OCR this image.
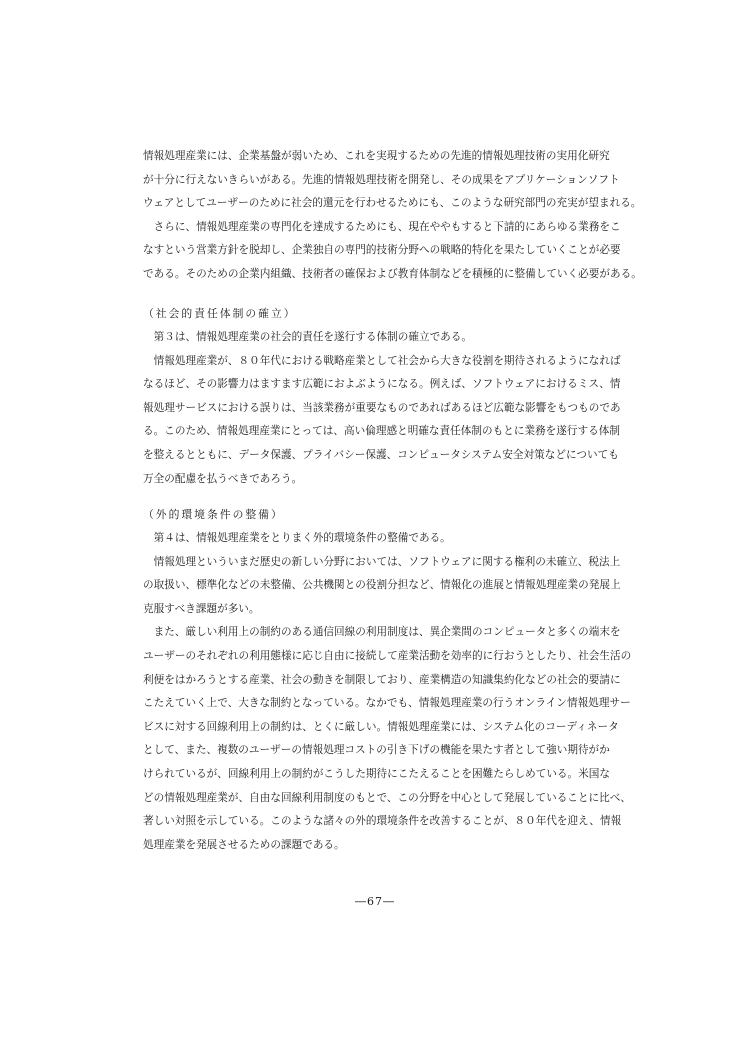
情報処理産業には、企業基盤が弱いため、これを実現するための先進的情報処理技術の実用化研究
が十分に行えないきらいがある。先進的情報処理技術を開発し、その成果をアプリケーションソフト
ウェアとしてユーザーのために社会的還元を行わせるためにも、このような研究部門の充実が望まれる。
　さらに、情報処理産業の専門化を達成するためにも、現在ややもすると下請的にあらゆる業務をこ
なすという営業方針を脱却し、企業独自の専門的技術分野への戦略的特化を果たしていくことが必要
である。そのための企業内組織、技術者の確保および教育体制などを積極的に整備していく必要がある。
（社会的責任体制の確立）
　第３は、情報処理産業の社会的責任を遂行する体制の確立である。
　情報処理産業が、８０年代における戦略産業として社会から大きな役割を期待されるようになれば
なるほど、その影響力はますます広範におよぶようになる。例えば、ソフトウェアにおけるミス、情
報処理サービスにおける誤りは、当該業務が重要なものであればあるほど広範な影響をもつものであ
る。このため、情報処理産業にとっては、高い倫理感と明確な責任体制のもとに業務を遂行する体制
を整えるとともに、データ保護、プライバシー保護、コンピュータシステム安全対策などについても
万全の配慮を払うべきであろう。
（外的環境条件の整備）
　第４は、情報処理産業をとりまく外的環境条件の整備である。
　情報処理といういまだ歴史の新しい分野においては、ソフトウェアに関する権利の未確立、税法上
の取扱い、標準化などの未整備、公共機関との役割分担など、情報化の進展と情報処理産業の発展上
克服すべき課題が多い。
　また、厳しい利用上の制約のある通信回線の利用制度は、異企業間のコンピュータと多くの端末を
ユーザーのそれぞれの利用態様に応じ自由に接続して産業活動を効率的に行おうとしたり、社会生活の
利便をはかろうとする産業、社会の動きを制限しており、産業構造の知識集約化などの社会的要請に
こたえていく上で、大きな制約となっている。なかでも、情報処理産業の行うオンライン情報処理サー
ビスに対する回線利用上の制約は、とくに厳しい。情報処理産業には、システム化のコーディネータ
として、また、複数のユーザーの情報処理コストの引き下げの機能を果たす者として強い期待がか
けられているが、回線利用上の制約がこうした期待にこたえることを困難たらしめている。米国な
どの情報処理産業が、自由な回線利用制度のもとで、この分野を中心として発展していることに比べ、
著しい対照を示している。このような諸々の外的環境条件を改善することが、８０年代を迎え、情報
処理産業を発展させるための課題である。
―67―
